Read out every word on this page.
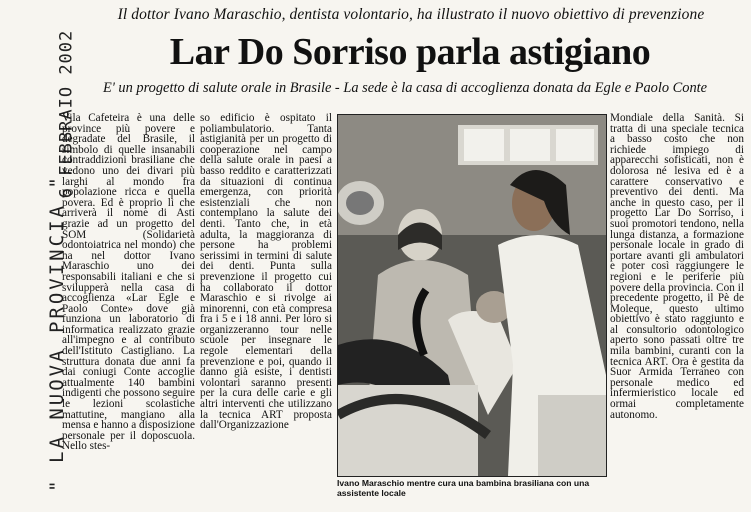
Il dottor Ivano Maraschio, dentista volontario, ha illustrato il nuovo obiettivo di prevenzione
Lar Do Sorriso parla astigiano
E' un progetto di salute orale in Brasile - La sede è la casa di accoglienza donata da Egle e Paolo Conte
6 FEBBRAIO 2002
" LA NUOVA PROVINCIA "

Vila Cafeteira è una delle province più povere e degradate del Brasile, il simbolo di quelle insanabili contraddizioni brasiliane che vedono uno dei divari più larghi al mondo fra popolazione ricca e quella povera. Ed è proprio lì che arriverà il nome di Asti grazie ad un progetto del SOM (Solidarietà odontoiatrica nel mondo) che ha nel dottor Ivano Maraschio uno dei responsabili italiani e che si svilupperà nella casa di accoglienza «Lar Egle e Paolo Conte» dove già funziona un laboratorio di informatica realizzato grazie all'impegno e al contributo dell'Istituto Castigliano. La struttura donata due anni fa dai coniugi Conte accoglie attualmente 140 bambini indigenti che possono seguire le lezioni scolastiche mattutine, mangiano alla mensa e hanno a disposizione personale per il doposcuola. Nello stes-

so edificio è ospitato il poliambulatorio. Tanta astigianità per un progetto di cooperazione nel campo della salute orale in paesi a basso reddito e caratterizzati da situazioni di continua emergenza, con priorità esistenziali che non contemplano la salute dei denti. Tanto che, in età adulta, la maggioranza di persone ha problemi serissimi in termini di salute dei denti. Punta sulla prevenzione il progetto cui ha collaborato il dottor Maraschio e si rivolge ai minorenni, con età compresa fra i 5 e i 18 anni. Per loro si organizzeranno tour nelle scuole per insegnare le regole elementari della prevenzione e poi, quando il danno già esiste, i dentisti volontari saranno presenti per la cura delle carie e gli altri interventi che utilizzano la tecnica ART proposta dall'Organizzazione

Ivano Maraschio mentre cura una bambina brasiliana con una assistente locale

Mondiale della Sanità. Si tratta di una speciale tecnica a basso costo che non richiede impiego di apparecchi sofisticati, non è dolorosa né lesiva ed è a carattere conservativo e preventivo dei denti. Ma anche in questo caso, per il progetto Lar Do Sorriso, i suoi promotori tendono, nella lunga distanza, a formazione personale locale in grado di portare avanti gli ambulatori e poter così raggiungere le regioni e le periferie più povere della provincia. Con il precedente progetto, il Pè de Moleque, questo ultimo obiettivo è stato raggiunto e al consultorio odontologico aperto sono passati oltre tre mila bambini, curanti con la tecnica ART. Ora è gestita da Suor Armida Terraneo con personale medico ed infermieristico locale ed ormai completamente autonomo.
